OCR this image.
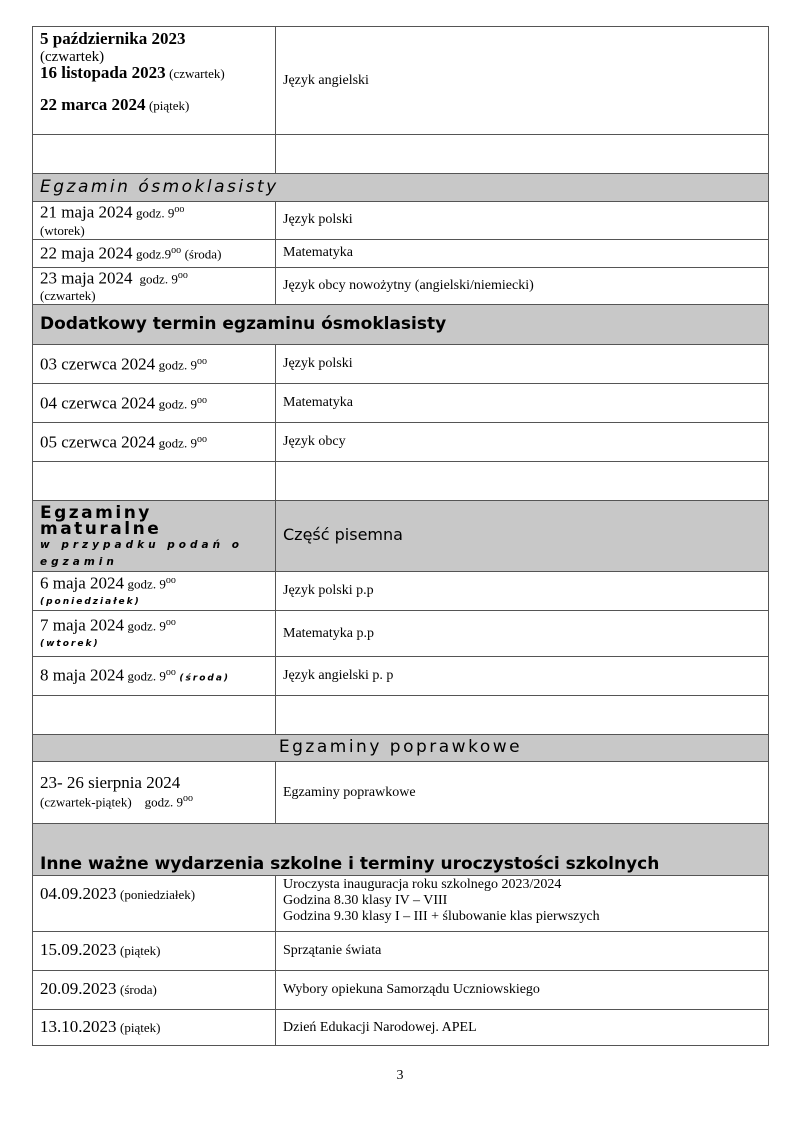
5 października 2023
(czwartek)
16 listopada 2023 (czwartek)
22 marca 2024 (piątek)	Język angielski

Egzamin ósmoklasisty	

21 maja 2024 godz. $9^{oo}$
(wtorek)	Język polski
22 maja 2024 $godz.9^{oo}$ (środa)	Matematyka

23 maja 2024 godz. $9^{oo}$
(czwartek)	Język obcy nowożytny (angielski/niemiecki)
Dodatkowy termin egzaminu ósmoklasisty	
03 czerwca 2024 godz. $9^{oo}$	Język polski
04 czerwca 2024 godz. $9^{oo}$	Matematyka
05 czerwca 2024 godz. $9^{oo}$	Język obcy

Egzaminy maturalne
w przypadku podań o egzamin	Część pisemna

6 maja 2024 godz. $9^{oo}$
(poniedziałek)	Język polski p.p

7 maja 2024 godz. $9^{oo}$
(wtorek)	Matematyka p.p
8 maja 2024 godz. $9^{oo}$ (środa)	Język angielski p. p

Egzaminy poprawkowe	

23- 26 sierpnia 2024
(czwartek-piątek) godz. $9^{oo}$	Egzaminy poprawkowe
Inne ważne wydarzenia szkolne i terminy uroczystości szkolnych	
04.09.2023 (poniedziałek)	Uroczysta inauguracja roku szkolnego 2023/2024
Godzina 8.30 klasy IV – VIII
Godzina 9.30 klasy I – III + ślubowanie klas pierwszych

15.09.2023 (piątek)	Sprzątanie świata
20.09.2023 (środa)	Wybory opiekuna Samorządu Uczniowskiego
13.10.2023 (piątek)	Dzień Edukacji Narodowej. APEL
3
